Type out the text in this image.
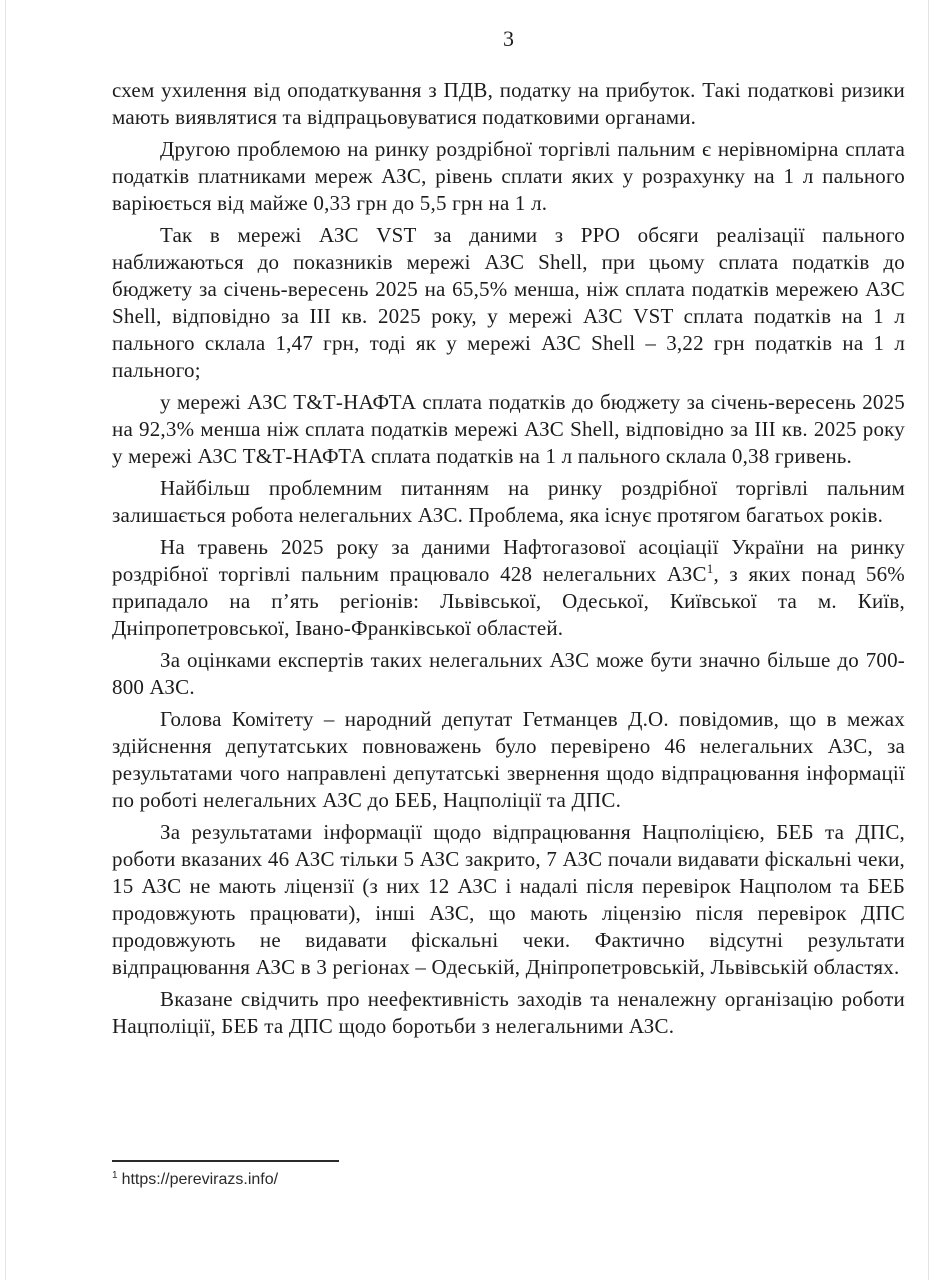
3

схем ухилення від оподаткування з ПДВ, податку на прибуток. Такі податкові ризики мають виявлятися та відпрацьовуватися податковими органами.

Другою проблемою на ринку роздрібної торгівлі пальним є нерівномірна сплата податків платниками мереж АЗС, рівень сплати яких у розрахунку на 1 л пального варіюється від майже 0,33 грн до 5,5 грн на 1 л.

Так в мережі АЗС VST за даними з РРО обсяги реалізації пального наближаються до показників мережі АЗС Shell, при цьому сплата податків до бюджету за січень-вересень 2025 на 65,5% менша, ніж сплата податків мережею АЗС Shell, відповідно за III кв. 2025 року, у мережі АЗС VST сплата податків на 1 л пального склала 1,47 грн, тоді як у мережі АЗС Shell – 3,22 грн податків на 1 л пального;

у мережі АЗС Т&Т-НАФТА сплата податків до бюджету за січень-вересень 2025 на 92,3% менша ніж сплата податків мережі АЗС Shell, відповідно за III кв. 2025 року у мережі АЗС Т&Т-НАФТА сплата податків на 1 л пального склала 0,38 гривень.

Найбільш проблемним питанням на ринку роздрібної торгівлі пальним залишається робота нелегальних АЗС. Проблема, яка існує протягом багатьох років.

На травень 2025 року за даними Нафтогазової асоціації України на ринку роздрібної торгівлі пальним працювало 428 нелегальних АЗС$^1$, з яких понад 56% припадало на п’ять регіонів: Львівської, Одеської, Київської та м. Київ, Дніпропетровської, Івано-Франківської областей.

За оцінками експертів таких нелегальних АЗС може бути значно більше до 700-800 АЗС.

Голова Комітету – народний депутат Гетманцев Д.О. повідомив, що в межах здійснення депутатських повноважень було перевірено 46 нелегальних АЗС, за результатами чого направлені депутатські звернення щодо відпрацювання інформації по роботі нелегальних АЗС до БЕБ, Нацполіції та ДПС.

За результатами інформації щодо відпрацювання Нацполіцією, БЕБ та ДПС, роботи вказаних 46 АЗС тільки 5 АЗС закрито, 7 АЗС почали видавати фіскальні чеки, 15 АЗС не мають ліцензії (з них 12 АЗС і надалі після перевірок Нацполом та БЕБ продовжують працювати), інші АЗС, що мають ліцензію після перевірок ДПС продовжують не видавати фіскальні чеки. Фактично відсутні результати відпрацювання АЗС в 3 регіонах – Одеській, Дніпропетровській, Львівській областях.

Вказане свідчить про неефективність заходів та неналежну організацію роботи Нацполіції, БЕБ та ДПС щодо боротьби з нелегальними АЗС.

$^1$ https://perevirazs.info/
